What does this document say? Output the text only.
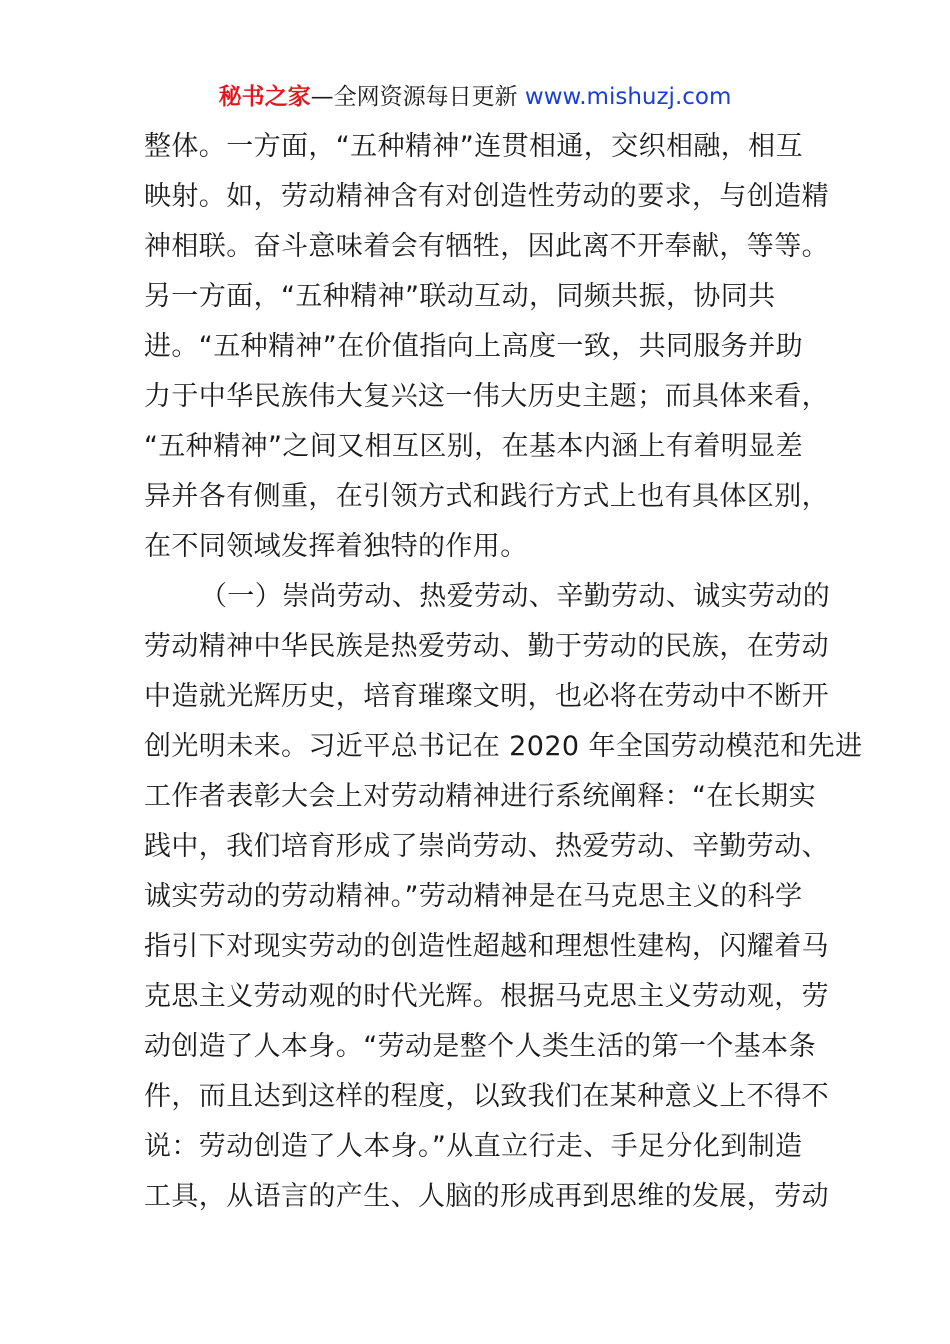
秘书之家—全网资源每日更新 www.mishuzj.com
整体。一方面，“五种精神”连贯相通，交织相融，相互
映射。如，劳动精神含有对创造性劳动的要求，与创造精
神相联。奋斗意味着会有牺牲，因此离不开奉献，等等。
另一方面，“五种精神”联动互动，同频共振，协同共
进。“五种精神”在价值指向上高度一致，共同服务并助
力于中华民族伟大复兴这一伟大历史主题；而具体来看，
“五种精神”之间又相互区别，在基本内涵上有着明显差
异并各有侧重，在引领方式和践行方式上也有具体区别，
在不同领域发挥着独特的作用。
（一）崇尚劳动、热爱劳动、辛勤劳动、诚实劳动的
劳动精神中华民族是热爱劳动、勤于劳动的民族，在劳动
中造就光辉历史，培育璀璨文明，也必将在劳动中不断开
创光明未来。习近平总书记在 2020 年全国劳动模范和先进
工作者表彰大会上对劳动精神进行系统阐释：“在长期实
践中，我们培育形成了崇尚劳动、热爱劳动、辛勤劳动、
诚实劳动的劳动精神。”劳动精神是在马克思主义的科学
指引下对现实劳动的创造性超越和理想性建构，闪耀着马
克思主义劳动观的时代光辉。根据马克思主义劳动观，劳
动创造了人本身。“劳动是整个人类生活的第一个基本条
件，而且达到这样的程度，以致我们在某种意义上不得不
说：劳动创造了人本身。”从直立行走、手足分化到制造
工具，从语言的产生、人脑的形成再到思维的发展，劳动
